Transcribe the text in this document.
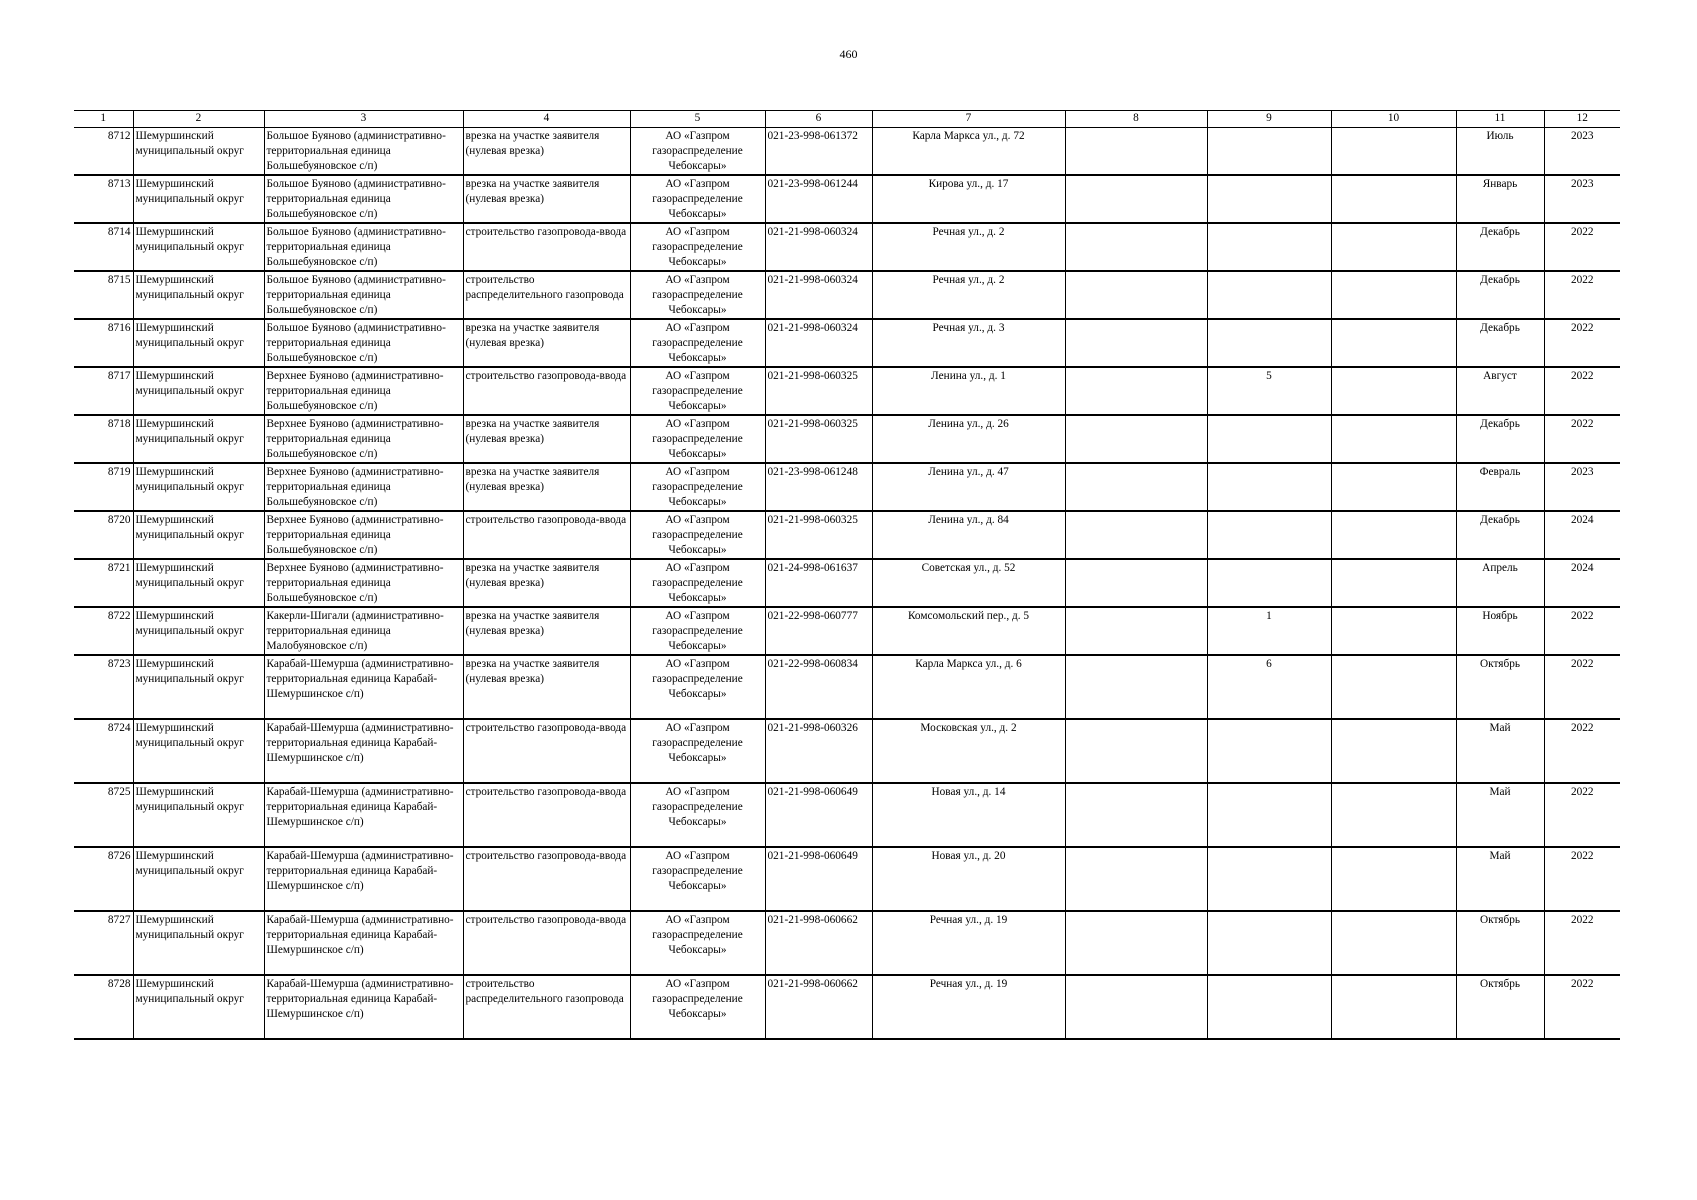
460
1	2	3	4	5	6	7	8	9	10	11	12
8712	Шемуршинский муниципальный округ	Большое Буяново (административно-территориальная единица Большебуяновское с/п)	врезка на участке заявителя (нулевая врезка)	АО «Газпром газораспределение Чебоксары»	021-23-998-061372	Карла Маркса ул., д. 72				Июль	2023
8713	Шемуршинский муниципальный округ	Большое Буяново (административно-территориальная единица Большебуяновское с/п)	врезка на участке заявителя (нулевая врезка)	АО «Газпром газораспределение Чебоксары»	021-23-998-061244	Кирова ул., д. 17				Январь	2023
8714	Шемуршинский муниципальный округ	Большое Буяново (административно-территориальная единица Большебуяновское с/п)	строительство газопровода-ввода	АО «Газпром газораспределение Чебоксары»	021-21-998-060324	Речная ул., д. 2				Декабрь	2022
8715	Шемуршинский муниципальный округ	Большое Буяново (административно-территориальная единица Большебуяновское с/п)	строительство распределительного газопровода	АО «Газпром газораспределение Чебоксары»	021-21-998-060324	Речная ул., д. 2				Декабрь	2022
8716	Шемуршинский муниципальный округ	Большое Буяново (административно-территориальная единица Большебуяновское с/п)	врезка на участке заявителя (нулевая врезка)	АО «Газпром газораспределение Чебоксары»	021-21-998-060324	Речная ул., д. 3				Декабрь	2022
8717	Шемуршинский муниципальный округ	Верхнее Буяново (административно-территориальная единица Большебуяновское с/п)	строительство газопровода-ввода	АО «Газпром газораспределение Чебоксары»	021-21-998-060325	Ленина ул., д. 1		5		Август	2022
8718	Шемуршинский муниципальный округ	Верхнее Буяново (административно-территориальная единица Большебуяновское с/п)	врезка на участке заявителя (нулевая врезка)	АО «Газпром газораспределение Чебоксары»	021-21-998-060325	Ленина ул., д. 26				Декабрь	2022
8719	Шемуршинский муниципальный округ	Верхнее Буяново (административно-территориальная единица Большебуяновское с/п)	врезка на участке заявителя (нулевая врезка)	АО «Газпром газораспределение Чебоксары»	021-23-998-061248	Ленина ул., д. 47				Февраль	2023
8720	Шемуршинский муниципальный округ	Верхнее Буяново (административно-территориальная единица Большебуяновское с/п)	строительство газопровода-ввода	АО «Газпром газораспределение Чебоксары»	021-21-998-060325	Ленина ул., д. 84				Декабрь	2024
8721	Шемуршинский муниципальный округ	Верхнее Буяново (административно-территориальная единица Большебуяновское с/п)	врезка на участке заявителя (нулевая врезка)	АО «Газпром газораспределение Чебоксары»	021-24-998-061637	Советская ул., д. 52				Апрель	2024
8722	Шемуршинский муниципальный округ	Какерли-Шигали (административно-территориальная единица Малобуяновское с/п)	врезка на участке заявителя (нулевая врезка)	АО «Газпром газораспределение Чебоксары»	021-22-998-060777	Комсомольский пер., д. 5		1		Ноябрь	2022
8723	Шемуршинский муниципальный округ	Карабай-Шемурша (административно-территориальная единица Карабай-Шемуршинское с/п)	врезка на участке заявителя (нулевая врезка)	АО «Газпром газораспределение Чебоксары»	021-22-998-060834	Карла Маркса ул., д. 6		6		Октябрь	2022
8724	Шемуршинский муниципальный округ	Карабай-Шемурша (административно-территориальная единица Карабай-Шемуршинское с/п)	строительство газопровода-ввода	АО «Газпром газораспределение Чебоксары»	021-21-998-060326	Московская ул., д. 2				Май	2022
8725	Шемуршинский муниципальный округ	Карабай-Шемурша (административно-территориальная единица Карабай-Шемуршинское с/п)	строительство газопровода-ввода	АО «Газпром газораспределение Чебоксары»	021-21-998-060649	Новая ул., д. 14				Май	2022
8726	Шемуршинский муниципальный округ	Карабай-Шемурша (административно-территориальная единица Карабай-Шемуршинское с/п)	строительство газопровода-ввода	АО «Газпром газораспределение Чебоксары»	021-21-998-060649	Новая ул., д. 20				Май	2022
8727	Шемуршинский муниципальный округ	Карабай-Шемурша (административно-территориальная единица Карабай-Шемуршинское с/п)	строительство газопровода-ввода	АО «Газпром газораспределение Чебоксары»	021-21-998-060662	Речная ул., д. 19				Октябрь	2022
8728	Шемуршинский муниципальный округ	Карабай-Шемурша (административно-территориальная единица Карабай-Шемуршинское с/п)	строительство распределительного газопровода	АО «Газпром газораспределение Чебоксары»	021-21-998-060662	Речная ул., д. 19				Октябрь	2022
